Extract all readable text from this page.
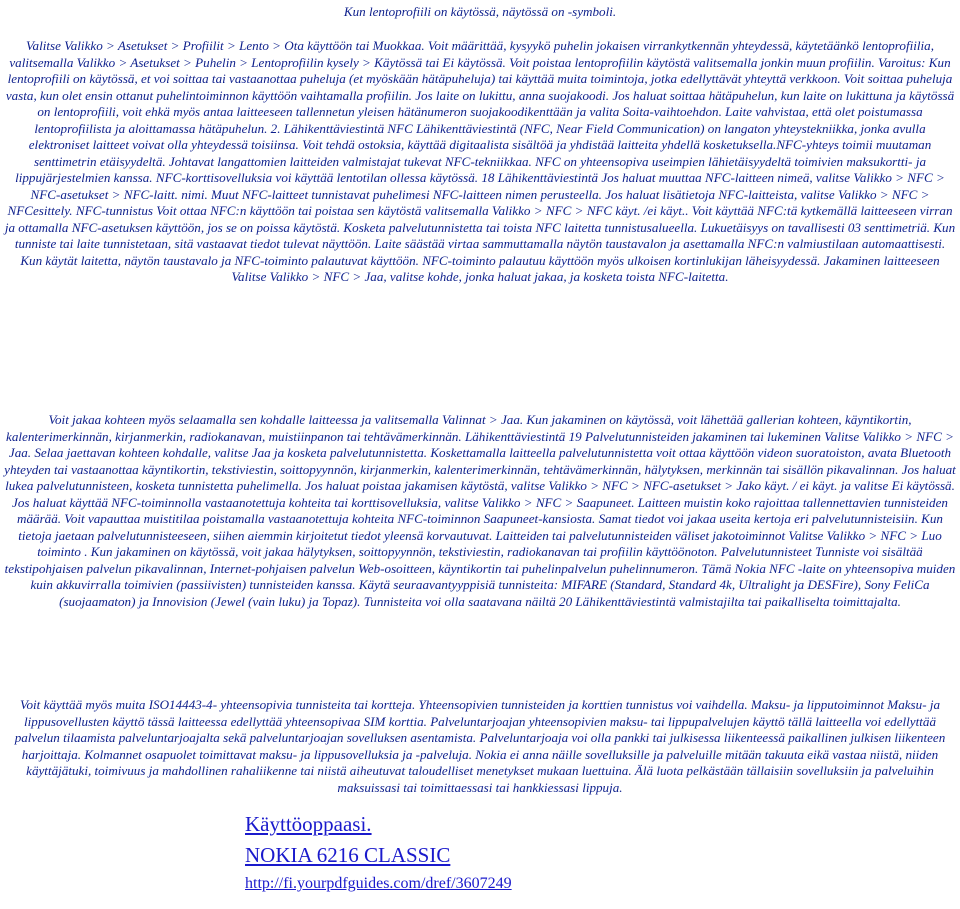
Kun lentoprofiili on käytössä, näytössä on -symboli.

Valitse Valikko > Asetukset > Profiilit > Lento > Ota käyttöön tai Muokkaa. Voit määrittää, kysyykö puhelin jokaisen virrankytkennän yhteydessä, käytetäänkö lentoprofiilia, valitsemalla Valikko > Asetukset > Puhelin > Lentoprofiilin kysely > Käytössä tai Ei käytössä. Voit poistaa lentoprofiilin käytöstä valitsemalla jonkin muun profiilin. Varoitus: Kun lentoprofiili on käytössä, et voi soittaa tai vastaanottaa puheluja (et myöskään hätäpuheluja) tai käyttää muita toimintoja, jotka edellyttävät yhteyttä verkkoon. Voit soittaa puheluja vasta, kun olet ensin ottanut puhelintoiminnon käyttöön vaihtamalla profiilin. Jos laite on lukittu, anna suojakoodi. Jos haluat soittaa hätäpuhelun, kun laite on lukittuna ja käytössä on lentoprofiili, voit ehkä myös antaa laitteeseen tallennetun yleisen hätänumeron suojakoodikenttään ja valita Soita-vaihtoehdon. Laite vahvistaa, että olet poistumassa lentoprofiilista ja aloittamassa hätäpuhelun. 2. Lähikenttäviestintä NFC Lähikenttäviestintä (NFC, Near Field Communication) on langaton yhteystekniikka, jonka avulla elektroniset laitteet voivat olla yhteydessä toisiinsa. Voit tehdä ostoksia, käyttää digitaalista sisältöä ja yhdistää laitteita yhdellä kosketuksella.NFC-yhteys toimii muutaman senttimetrin etäisyydeltä. Johtavat langattomien laitteiden valmistajat tukevat NFC-tekniikkaa. NFC on yhteensopiva useimpien lähietäisyydeltä toimivien maksukortti- ja lippujärjestelmien kanssa. NFC-korttisovelluksia voi käyttää lentotilan ollessa käytössä. 18 Lähikenttäviestintä Jos haluat muuttaa NFC-laitteen nimeä, valitse Valikko > NFC > NFC-asetukset > NFC-laitt. nimi. Muut NFC-laitteet tunnistavat puhelimesi NFC-laitteen nimen perusteella. Jos haluat lisätietoja NFC-laitteista, valitse Valikko > NFC > NFCesittely. NFC-tunnistus Voit ottaa NFC:n käyttöön tai poistaa sen käytöstä valitsemalla Valikko > NFC > NFC käyt. /ei käyt.. Voit käyttää NFC:tä kytkemällä laitteeseen virran ja ottamalla NFC-asetuksen käyttöön, jos se on poissa käytöstä. Kosketa palvelutunnistetta tai toista NFC laitetta tunnistusalueella. Lukuetäisyys on tavallisesti 03 senttimetriä. Kun tunniste tai laite tunnistetaan, sitä vastaavat tiedot tulevat näyttöön. Laite säästää virtaa sammuttamalla näytön taustavalon ja asettamalla NFC:n valmiustilaan automaattisesti. Kun käytät laitetta, näytön taustavalo ja NFC-toiminto palautuvat käyttöön. NFC-toiminto palautuu käyttöön myös ulkoisen kortinlukijan läheisyydessä. Jakaminen laitteeseen Valitse Valikko > NFC > Jaa, valitse kohde, jonka haluat jakaa, ja kosketa toista NFC-laitetta.

Voit jakaa kohteen myös selaamalla sen kohdalle laitteessa ja valitsemalla Valinnat > Jaa. Kun jakaminen on käytössä, voit lähettää gallerian kohteen, käyntikortin, kalenterimerkinnän, kirjanmerkin, radiokanavan, muistiinpanon tai tehtävämerkinnän. Lähikenttäviestintä 19 Palvelutunnisteiden jakaminen tai lukeminen Valitse Valikko > NFC > Jaa. Selaa jaettavan kohteen kohdalle, valitse Jaa ja kosketa palvelutunnistetta. Koskettamalla laitteella palvelutunnistetta voit ottaa käyttöön videon suoratoiston, avata Bluetooth yhteyden tai vastaanottaa käyntikortin, tekstiviestin, soittopyynnön, kirjanmerkin, kalenterimerkinnän, tehtävämerkinnän, hälytyksen, merkinnän tai sisällön pikavalinnan. Jos haluat lukea palvelutunnisteen, kosketa tunnistetta puhelimella. Jos haluat poistaa jakamisen käytöstä, valitse Valikko > NFC > NFC-asetukset > Jako käyt. / ei käyt. ja valitse Ei käytössä. Jos haluat käyttää NFC-toiminnolla vastaanotettuja kohteita tai korttisovelluksia, valitse Valikko > NFC > Saapuneet. Laitteen muistin koko rajoittaa tallennettavien tunnisteiden määrää. Voit vapauttaa muistitilaa poistamalla vastaanotettuja kohteita NFC-toiminnon Saapuneet-kansiosta. Samat tiedot voi jakaa useita kertoja eri palvelutunnisteisiin. Kun tietoja jaetaan palvelutunnisteeseen, siihen aiemmin kirjoitetut tiedot yleensä korvautuvat. Laitteiden tai palvelutunnisteiden väliset jakotoiminnot Valitse Valikko > NFC > Luo toiminto . Kun jakaminen on käytössä, voit jakaa hälytyksen, soittopyynnön, tekstiviestin, radiokanavan tai profiilin käyttöönoton. Palvelutunnisteet Tunniste voi sisältää tekstipohjaisen palvelun pikavalinnan, Internet-pohjaisen palvelun Web-osoitteen, käyntikortin tai puhelinpalvelun puhelinnumeron. Tämä Nokia NFC -laite on yhteensopiva muiden kuin akkuvirralla toimivien (passiivisten) tunnisteiden kanssa. Käytä seuraavantyyppisiä tunnisteita: MIFARE (Standard, Standard 4k, Ultralight ja DESFire), Sony FeliCa (suojaamaton) ja Innovision (Jewel (vain luku) ja Topaz). Tunnisteita voi olla saatavana näiltä 20 Lähikenttäviestintä valmistajilta tai paikalliselta toimittajalta.

Voit käyttää myös muita ISO14443-4- yhteensopivia tunnisteita tai kortteja. Yhteensopivien tunnisteiden ja korttien tunnistus voi vaihdella. Maksu- ja lipputoiminnot Maksu- ja lippusovellusten käyttö tässä laitteessa edellyttää yhteensopivaa SIM korttia. Palveluntarjoajan yhteensopivien maksu- tai lippupalvelujen käyttö tällä laitteella voi edellyttää palvelun tilaamista palveluntarjoajalta sekä palveluntarjoajan sovelluksen asentamista. Palveluntarjoaja voi olla pankki tai julkisessa liikenteessä paikallinen julkisen liikenteen harjoittaja. Kolmannet osapuolet toimittavat maksu- ja lippusovelluksia ja -palveluja. Nokia ei anna näille sovelluksille ja palveluille mitään takuuta eikä vastaa niistä, niiden käyttäjätuki, toimivuus ja mahdollinen rahaliikenne tai niistä aiheutuvat taloudelliset menetykset mukaan luettuina. Älä luota pelkästään tällaisiin sovelluksiin ja palveluihin maksuissasi tai toimittaessasi tai hankkiessasi lippuja.

Käyttöoppaasi.
NOKIA 6216 CLASSIC
http://fi.yourpdfguides.com/dref/3607249
